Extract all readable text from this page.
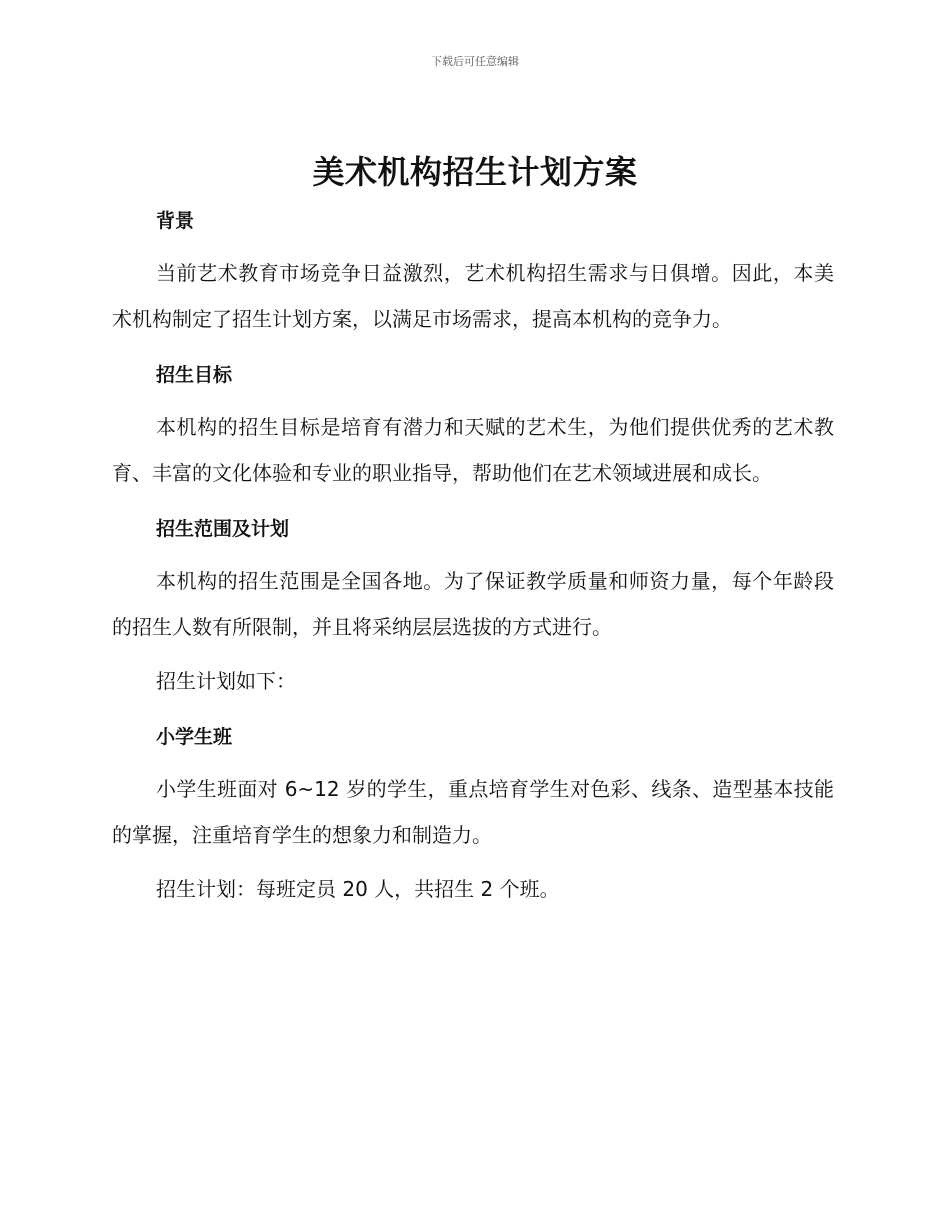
下载后可任意编辑
美术机构招生计划方案

背景

当前艺术教育市场竞争日益激烈，艺术机构招生需求与日俱增。因此，本美术机构制定了招生计划方案，以满足市场需求，提高本机构的竞争力。

招生目标

本机构的招生目标是培育有潜力和天赋的艺术生，为他们提供优秀的艺术教育、丰富的文化体验和专业的职业指导，帮助他们在艺术领域进展和成长。

招生范围及计划

本机构的招生范围是全国各地。为了保证教学质量和师资力量，每个年龄段的招生人数有所限制，并且将采纳层层选拔的方式进行。

招生计划如下：

小学生班

小学生班面对 6~12 岁的学生，重点培育学生对色彩、线条、造型基本技能的掌握，注重培育学生的想象力和制造力。

招生计划：每班定员 20 人，共招生 2 个班。
